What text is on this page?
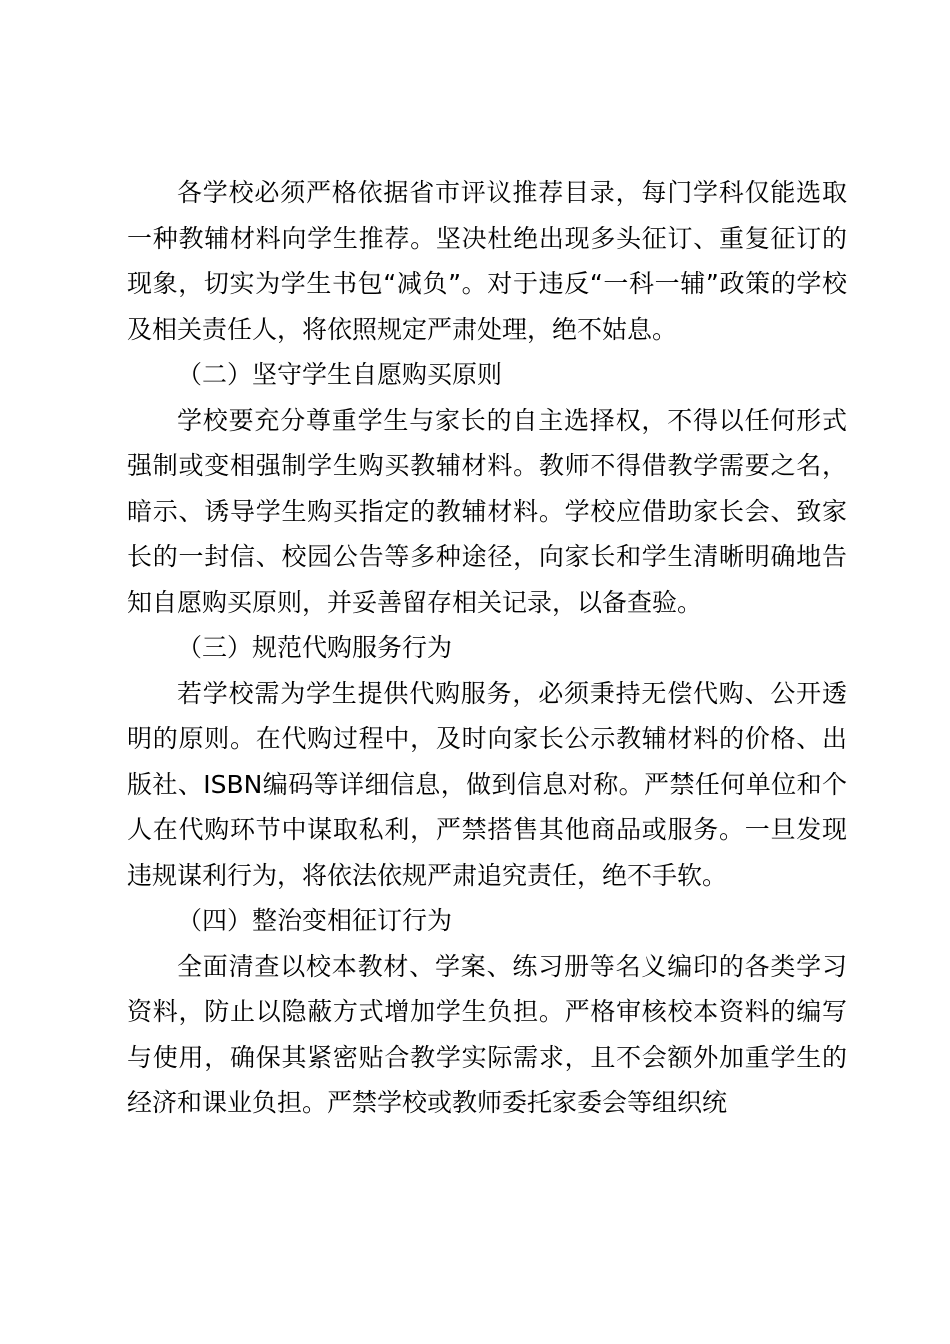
各学校必须严格依据省市评议推荐目录，每门学科仅能选取一种教辅材料向学生推荐。坚决杜绝出现多头征订、重复征订的现象，切实为学生书包“减负”。对于违反“一科一辅”政策的学校及相关责任人，将依照规定严肃处理，绝不姑息。

（二）坚守学生自愿购买原则

学校要充分尊重学生与家长的自主选择权，不得以任何形式强制或变相强制学生购买教辅材料。教师不得借教学需要之名，暗示、诱导学生购买指定的教辅材料。学校应借助家长会、致家长的一封信、校园公告等多种途径，向家长和学生清晰明确地告知自愿购买原则，并妥善留存相关记录，以备查验。

（三）规范代购服务行为

若学校需为学生提供代购服务，必须秉持无偿代购、公开透明的原则。在代购过程中，及时向家长公示教辅材料的价格、出版社、ISBN编码等详细信息，做到信息对称。严禁任何单位和个人在代购环节中谋取私利，严禁搭售其他商品或服务。一旦发现违规谋利行为，将依法依规严肃追究责任，绝不手软。

（四）整治变相征订行为

全面清查以校本教材、学案、练习册等名义编印的各类学习资料，防止以隐蔽方式增加学生负担。严格审核校本资料的编写与使用，确保其紧密贴合教学实际需求，且不会额外加重学生的经济和课业负担。严禁学校或教师委托家委会等组织统
